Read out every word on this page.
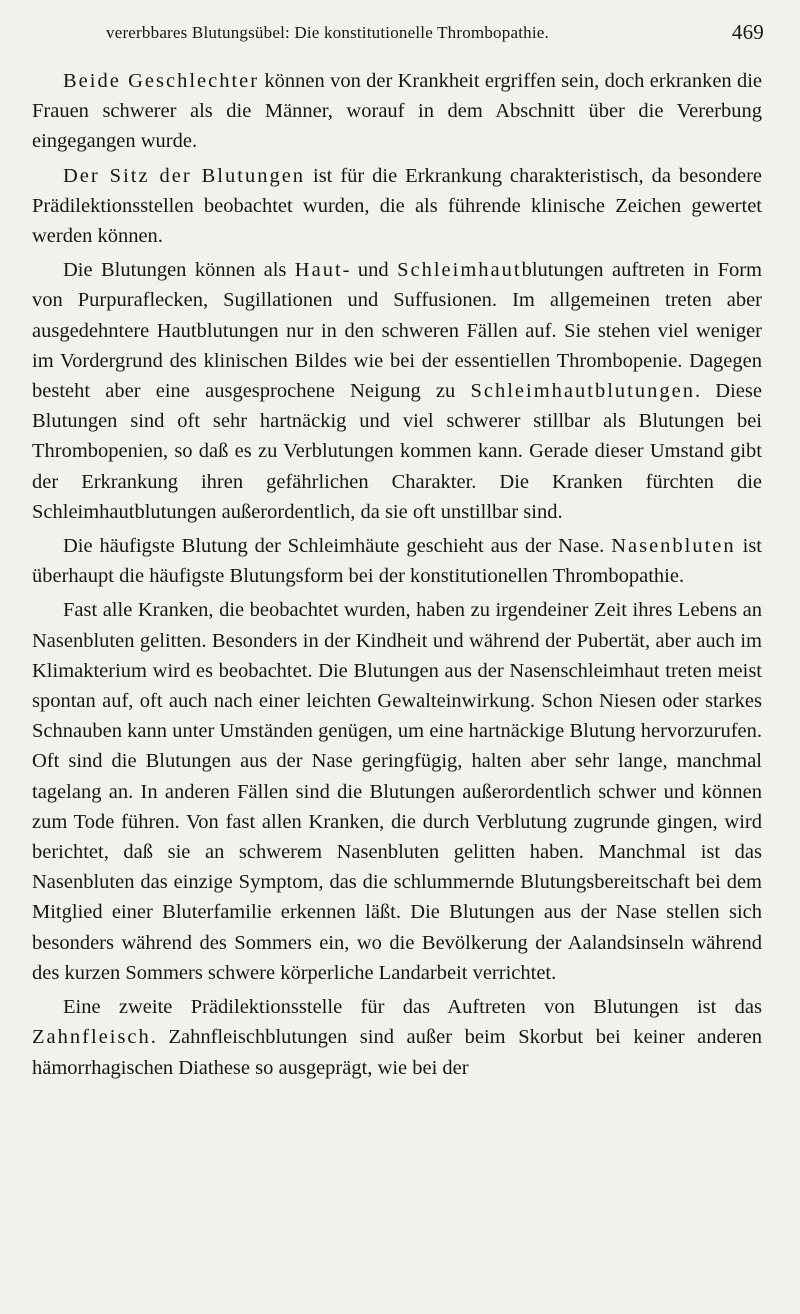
vererbbares Blutungsübel: Die konstitutionelle Thrombopathie.	469

Beide Geschlechter können von der Krankheit ergriffen sein, doch erkranken die Frauen schwerer als die Männer, worauf in dem Abschnitt über die Vererbung eingegangen wurde.

Der Sitz der Blutungen ist für die Erkrankung charakteristisch, da besondere Prädilektionsstellen beobachtet wurden, die als führende klinische Zeichen gewertet werden können.

Die Blutungen können als Haut- und Schleimhautblutungen auftreten in Form von Purpuraflecken, Sugillationen und Suffusionen. Im allgemeinen treten aber ausgedehntere Hautblutungen nur in den schweren Fällen auf. Sie stehen viel weniger im Vordergrund des klinischen Bildes wie bei der essentiellen Thrombopenie. Dagegen besteht aber eine ausgesprochene Neigung zu Schleimhautblutungen. Diese Blutungen sind oft sehr hartnäckig und viel schwerer stillbar als Blutungen bei Thrombopenien, so daß es zu Verblutungen kommen kann. Gerade dieser Umstand gibt der Erkrankung ihren gefährlichen Charakter. Die Kranken fürchten die Schleimhautblutungen außerordentlich, da sie oft unstillbar sind.

Die häufigste Blutung der Schleimhäute geschieht aus der Nase. Nasenbluten ist überhaupt die häufigste Blutungsform bei der konstitutionellen Thrombopathie.

Fast alle Kranken, die beobachtet wurden, haben zu irgendeiner Zeit ihres Lebens an Nasenbluten gelitten. Besonders in der Kindheit und während der Pubertät, aber auch im Klimakterium wird es beobachtet. Die Blutungen aus der Nasenschleimhaut treten meist spontan auf, oft auch nach einer leichten Gewalteinwirkung. Schon Niesen oder starkes Schnauben kann unter Umständen genügen, um eine hartnäckige Blutung hervorzurufen. Oft sind die Blutungen aus der Nase geringfügig, halten aber sehr lange, manchmal tagelang an. In anderen Fällen sind die Blutungen außerordentlich schwer und können zum Tode führen. Von fast allen Kranken, die durch Verblutung zugrunde gingen, wird berichtet, daß sie an schwerem Nasenbluten gelitten haben. Manchmal ist das Nasenbluten das einzige Symptom, das die schlummernde Blutungsbereitschaft bei dem Mitglied einer Bluterfamilie erkennen läßt. Die Blutungen aus der Nase stellen sich besonders während des Sommers ein, wo die Bevölkerung der Aalandsinseln während des kurzen Sommers schwere körperliche Landarbeit verrichtet.

Eine zweite Prädilektionsstelle für das Auftreten von Blutungen ist das Zahnfleisch. Zahnfleischblutungen sind außer beim Skorbut bei keiner anderen hämorrhagischen Diathese so ausgeprägt, wie bei der
